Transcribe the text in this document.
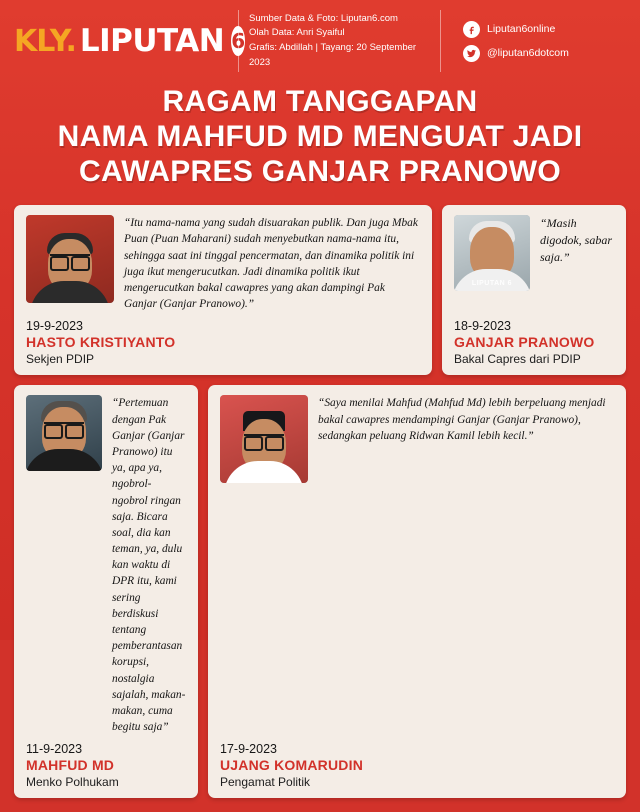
KLY. LIPUTAN 6
Sumber Data & Foto: Liputan6.com
Olah Data: Anri Syaiful
Grafis: Abdillah | Tayang: 20 September 2023
Liputan6online
@liputan6dotcom
RAGAM TANGGAPAN
NAMA MAHFUD MD MENGUAT JADI
CAWAPRES GANJAR PRANOWO
“Itu nama-nama yang sudah disuarakan publik. Dan juga Mbak Puan (Puan Maharani) sudah menyebutkan nama-nama itu, sehingga saat ini tinggal pencermatan, dan dinamika politik ini juga ikut mengerucutkan. Jadi dinamika politik ikut mengerucutkan bakal cawapres yang akan dampingi Pak Ganjar (Ganjar Pranowo).”
19-9-2023
HASTO KRISTIYANTO
Sekjen PDIP
LIPUTAN 6
“Masih digodok, sabar saja.”
18-9-2023
GANJAR PRANOWO
Bakal Capres dari PDIP
“Pertemuan dengan Pak Ganjar (Ganjar Pranowo) itu ya, apa ya, ngobrol-ngobrol ringan saja. Bicara soal, dia kan teman, ya, dulu kan waktu di DPR itu, kami sering berdiskusi tentang pemberantasan korupsi, nostalgia sajalah, makan-makan, cuma begitu saja”
11-9-2023
MAHFUD MD
Menko Polhukam
“Saya menilai Mahfud (Mahfud Md) lebih berpeluang menjadi bakal cawapres mendampingi Ganjar (Ganjar Pranowo), sedangkan peluang Ridwan Kamil lebih kecil.”
17-9-2023
UJANG KOMARUDIN
Pengamat Politik
